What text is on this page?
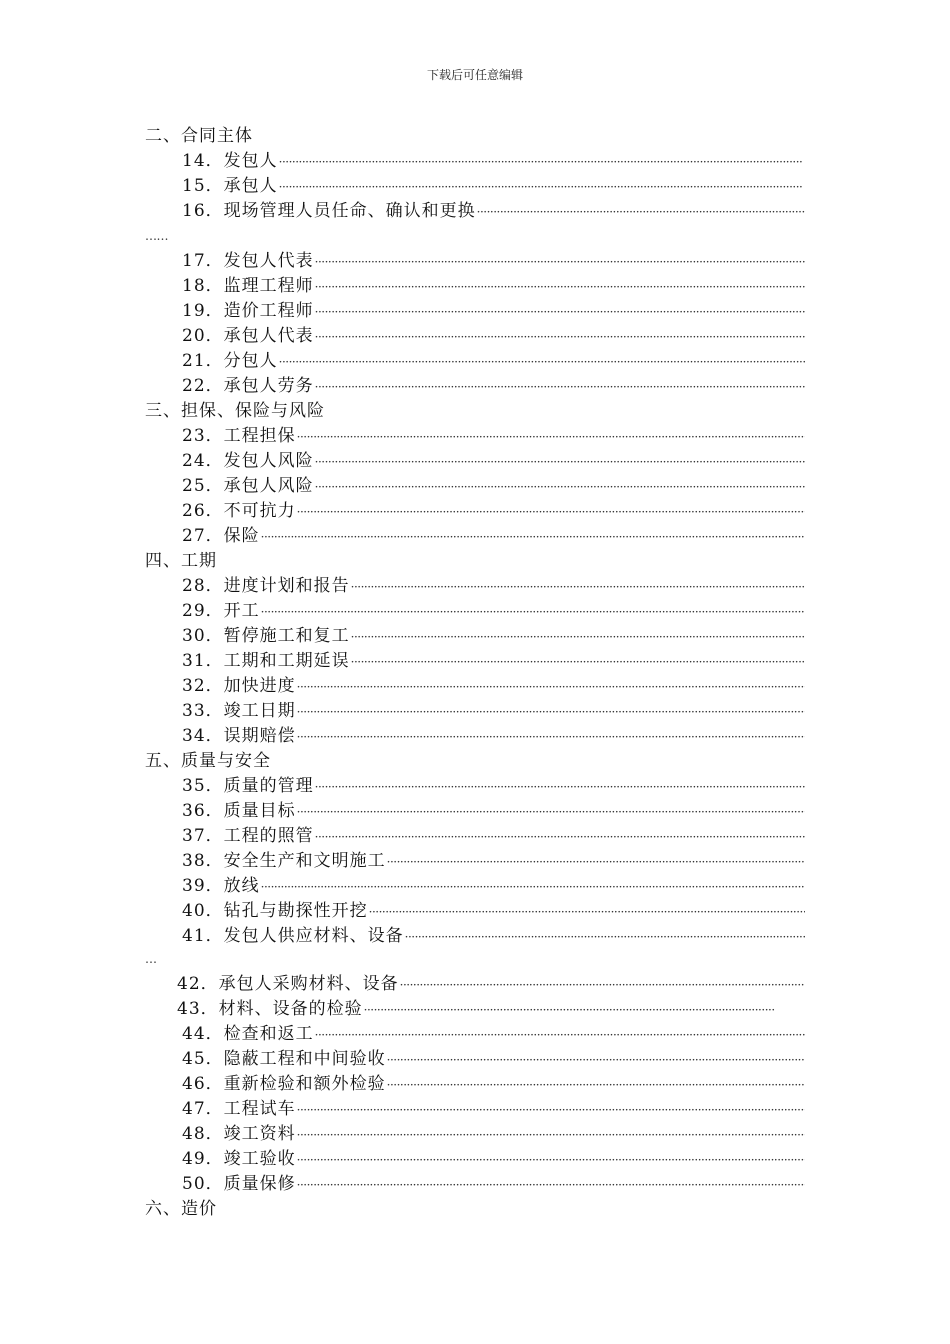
下载后可任意编辑
二、合同主体
14．发包人
·····
15．承包人
·····
16．现场管理人员任命、确认和更换
·····
……
17．发包人代表
·····
18．监理工程师
·····
19．造价工程师
·····
20．承包人代表
·····
21．分包人
·····
22．承包人劳务
·····
三、担保、保险与风险
23．工程担保
·····
24．发包人风险
·····
25．承包人风险
·····
26．不可抗力
·····
27．保险
·····
四、工期
28．进度计划和报告
·····
29．开工
·····
30．暂停施工和复工
·····
31．工期和工期延误
·····
32．加快进度
·····
33．竣工日期
·····
34．误期赔偿
·····
五、质量与安全
35．质量的管理
·····
36．质量目标
·····
37．工程的照管
·····
38．安全生产和文明施工
·····
39．放线
·····
40．钻孔与勘探性开挖
·····
41．发包人供应材料、设备
·····
…
42．承包人采购材料、设备
·····
43．材料、设备的检验
·····
44．检查和返工
·····
45．隐蔽工程和中间验收
·····
46．重新检验和额外检验
·····
47．工程试车
·····
48．竣工资料
·····
49．竣工验收
·····
50．质量保修
·····
六、造价
